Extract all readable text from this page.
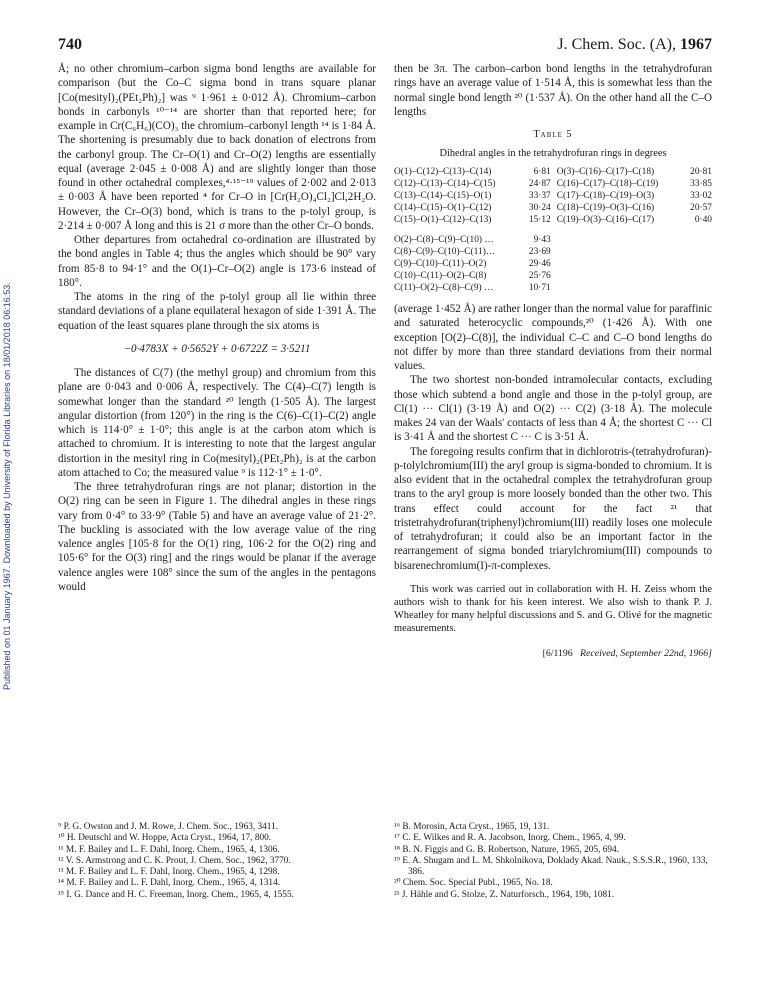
Published on 01 January 1967. Downloaded by University of Florida Libraries on 18/01/2018 06:16:53.
740	J. Chem. Soc. (A), 1967

Å; no other chromium–carbon sigma bond lengths are available for comparison (but the Co–C sigma bond in trans square planar [Co(mesityl)₂(PEt₂Ph)₂] was ⁹ 1·961 ± 0·012 Å). Chromium–carbon bonds in carbonyls ¹⁰⁻¹⁴ are shorter than that reported here; for example in Cr(C₆H₆)(CO)₃ the chromium–carbonyl length ¹⁴ is 1·84 Å. The shortening is presumably due to back donation of electrons from the carbonyl group. The Cr–O(1) and Cr–O(2) lengths are essentially equal (average 2·045 ± 0·008 Å) and are slightly longer than those found in other octahedral complexes,⁴·¹⁵⁻¹⁹ values of 2·002 and 2·013 ± 0·003 Å have been reported ⁴ for Cr–O in [Cr(H₂O)₄Cl₂]Cl,2H₂O. However, the Cr–O(3) bond, which is trans to the p-tolyl group, is 2·214 ± 0·007 Å long and this is 21 σ more than the other Cr–O bonds.

Other departures from octahedral co-ordination are illustrated by the bond angles in Table 4; thus the angles which should be 90° vary from 85·8 to 94·1° and the O(1)–Cr–O(2) angle is 173·6 instead of 180°.

The atoms in the ring of the p-tolyl group all lie within three standard deviations of a plane equilateral hexagon of side 1·391 Å. The equation of the least squares plane through the six atoms is

−0·4783X + 0·5652Y + 0·6722Z = 3·5211

The distances of C(7) (the methyl group) and chromium from this plane are 0·043 and 0·006 Å, respectively. The C(4)–C(7) length is somewhat longer than the standard ²⁰ length (1·505 Å). The largest angular distortion (from 120°) in the ring is the C(6)–C(1)–C(2) angle which is 114·0° ± 1·0°; this angle is at the carbon atom which is attached to chromium. It is interesting to note that the largest angular distortion in the mesityl ring in Co(mesityl)₂(PEt₂Ph)₂ is at the carbon atom attached to Co; the measured value ⁹ is 112·1° ± 1·0°.

The three tetrahydrofuran rings are not planar; distortion in the O(2) ring can be seen in Figure 1. The dihedral angles in these rings vary from 0·4° to 33·9° (Table 5) and have an average value of 21·2°. The buckling is associated with the low average value of the ring valence angles [105·8 for the O(1) ring, 106·2 for the O(2) ring and 105·6° for the O(3) ring] and the rings would be planar if the average valence angles were 108° since the sum of the angles in the pentagons would

then be 3π. The carbon–carbon bond lengths in the tetrahydrofuran rings have an average value of 1·514 Å, this is somewhat less than the normal single bond length ²⁰ (1·537 Å). On the other hand all the C–O lengths

Table 5
Dihedral angles in the tetrahydrofuran rings in degrees
O(1)–C(12)–C(13)–C(14)	6·81	O(3)–C(16)–C(17)–C(18)	20·81
C(12)–C(13)–C(14)–C(15)	24·87	C(16)–C(17)–C(18)–C(19)	33·85
C(13)–C(14)–C(15)–O(1)	33·37	C(17)–C(18)–C(19)–O(3)	33·02
C(14)–C(15)–O(1)–C(12)	30·24	C(18)–C(19)–O(3)–C(16)	20·57
C(15)–O(1)–C(12)–C(13)	15·12	C(19)–O(3)–C(16)–C(17)	0·40

O(2)–C(8)–C(9)–C(10) …	9·43		
C(8)–C(9)–C(10)–C(11)…	23·69		
C(9)–C(10)–C(11)–O(2)	29·46		
C(10)–C(11)–O(2)–C(8)	25·76		
C(11)–O(2)–C(8)–C(9) …	10·71		

(average 1·452 Å) are rather longer than the normal value for paraffinic and saturated heterocyclic compounds,²⁰ (1·426 Å). With one exception [O(2)–C(8)], the individual C–C and C–O bond lengths do not differ by more than three standard deviations from their normal values.

The two shortest non-bonded intramolecular contacts, excluding those which subtend a bond angle and those in the p-tolyl group, are Cl(1) ··· Cl(1) (3·19 Å) and O(2) ··· C(2) (3·18 Å). The molecule makes 24 van der Waals' contacts of less than 4 Å; the shortest C ··· Cl is 3·41 Å and the shortest C ··· C is 3·51 Å.

The foregoing results confirm that in dichlorotris-(tetrahydrofuran)-p-tolylchromium(III) the aryl group is sigma-bonded to chromium. It is also evident that in the octahedral complex the tetrahydrofuran group trans to the aryl group is more loosely bonded than the other two. This trans effect could account for the fact ²¹ that tristetrahydrofuran(triphenyl)chromium(III) readily loses one molecule of tetrahydrofuran; it could also be an important factor in the rearrangement of sigma bonded triarylchromium(III) compounds to bisarenechromium(I)-π-complexes.

This work was carried out in collaboration with H. H. Zeiss whom the authors wish to thank for his keen interest. We also wish to thank P. J. Wheatley for many helpful discussions and S. and G. Olivé for the magnetic measurements.

[6/1196 Received, September 22nd, 1966]

⁹ P. G. Owston and J. M. Rowe, J. Chem. Soc., 1963, 3411.
¹⁰ H. Deutschl and W. Hoppe, Acta Cryst., 1964, 17, 800.
¹¹ M. F. Bailey and L. F. Dahl, Inorg. Chem., 1965, 4, 1306.
¹² V. S. Armstrong and C. K. Prout, J. Chem. Soc., 1962, 3770.
¹³ M. F. Bailey and L. F. Dahl, Inorg. Chem., 1965, 4, 1298.
¹⁴ M. F. Bailey and L. F. Dahl, Inorg. Chem., 1965, 4, 1314.
¹⁵ I. G. Dance and H. C. Freeman, Inorg. Chem., 1965, 4, 1555.
¹⁶ B. Morosin, Acta Cryst., 1965, 19, 131.
¹⁷ C. E. Wilkes and R. A. Jacobson, Inorg. Chem., 1965, 4, 99.
¹⁸ B. N. Figgis and G. B. Robertson, Nature, 1965, 205, 694.
¹⁹ E. A. Shugam and L. M. Shkolnikova, Doklady Akad. Nauk., S.S.S.R., 1960, 133, 386.
²⁰ Chem. Soc. Special Publ., 1965, No. 18.
²¹ J. Hähle and G. Stolze, Z. Naturforsch., 1964, 19b, 1081.
